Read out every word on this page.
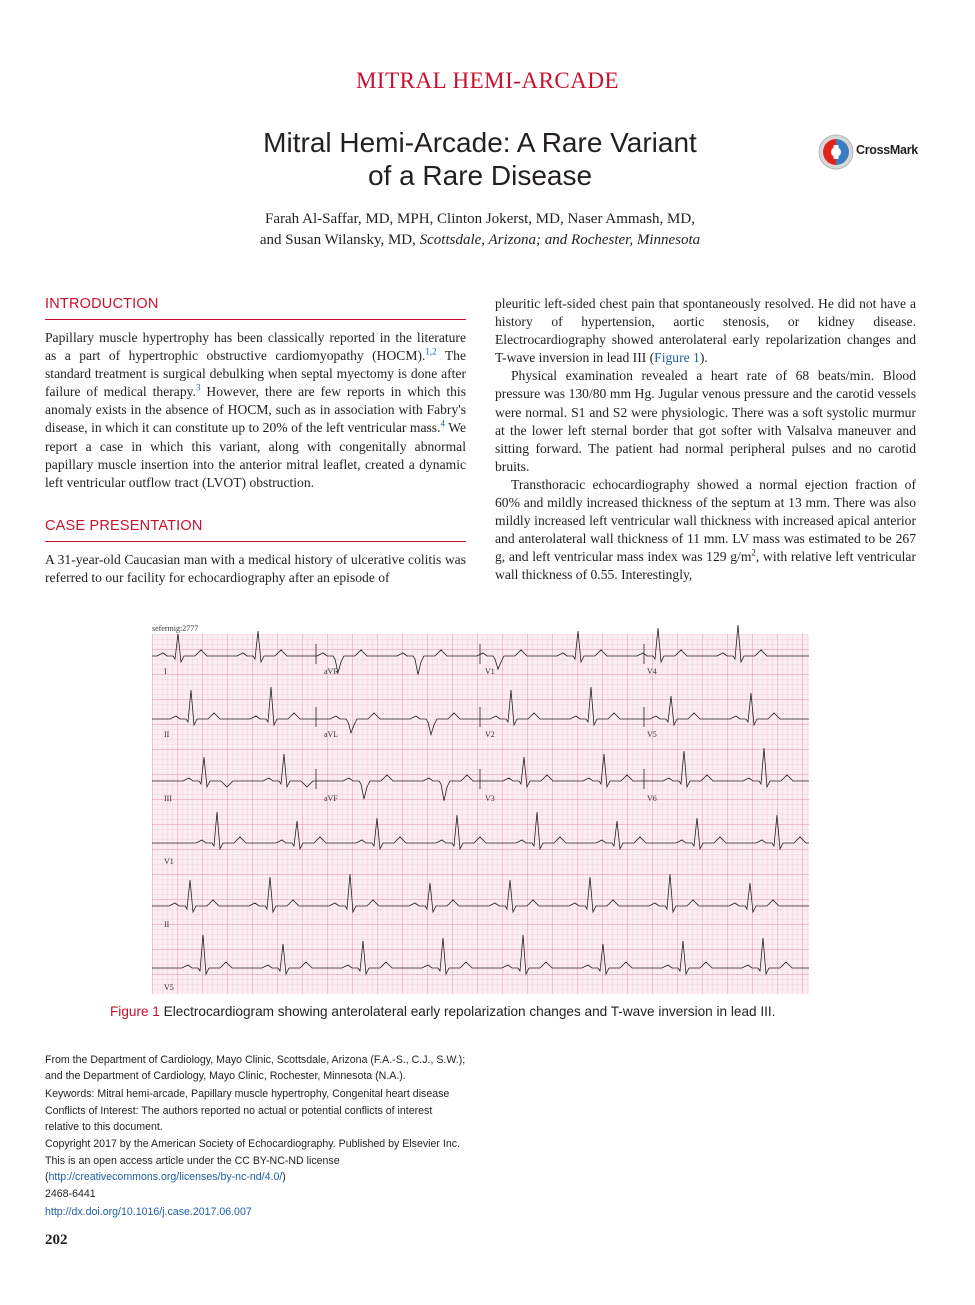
MITRAL HEMI-ARCADE
Mitral Hemi-Arcade: A Rare Variant
of a Rare Disease
CrossMark
Farah Al-Saffar, MD, MPH, Clinton Jokerst, MD, Naser Ammash, MD,
and Susan Wilansky, MD, Scottsdale, Arizona; and Rochester, Minnesota
INTRODUCTION

Papillary muscle hypertrophy has been classically reported in the literature as a part of hypertrophic obstructive cardiomyopathy (HOCM).$^{1,2}$ The standard treatment is surgical debulking when septal myectomy is done after failure of medical therapy.$^3$ However, there are few reports in which this anomaly exists in the absence of HOCM, such as in association with Fabry's disease, in which it can constitute up to 20% of the left ventricular mass.$^4$ We report a case in which this variant, along with congenitally abnormal papillary muscle insertion into the anterior mitral leaflet, created a dynamic left ventricular outflow tract (LVOT) obstruction.

CASE PRESENTATION

A 31-year-old Caucasian man with a medical history of ulcerative colitis was referred to our facility for echocardiography after an episode of

pleuritic left-sided chest pain that spontaneously resolved. He did not have a history of hypertension, aortic stenosis, or kidney disease. Electrocardiography showed anterolateral early repolarization changes and T-wave inversion in lead III (Figure 1).

Physical examination revealed a heart rate of 68 beats/min. Blood pressure was 130/80 mm Hg. Jugular venous pressure and the carotid vessels were normal. S1 and S2 were physiologic. There was a soft systolic murmur at the lower left sternal border that got softer with Valsalva maneuver and sitting forward. The patient had normal peripheral pulses and no carotid bruits.

Transthoracic echocardiography showed a normal ejection fraction of 60% and mildly increased thickness of the septum at 13 mm. There was also mildly increased left ventricular wall thickness with increased apical anterior and anterolateral wall thickness of 11 mm. LV mass was estimated to be 267 g, and left ventricular mass index was 129 $g/m^2$, with relative left ventricular wall thickness of 0.55. Interestingly,

sefermig:2777
I	aVR	V1	V4
II	aVL	V2	V5
III	aVF	V3	V6
V1
II
V5
Figure 1 Electrocardiogram showing anterolateral early repolarization changes and T-wave inversion in lead III.

From the Department of Cardiology, Mayo Clinic, Scottsdale, Arizona (F.A.-S., C.J., S.W.); and the Department of Cardiology, Mayo Clinic, Rochester, Minnesota (N.A.).

Keywords: Mitral hemi-arcade, Papillary muscle hypertrophy, Congenital heart disease

Conflicts of Interest: The authors reported no actual or potential conflicts of interest relative to this document.

Copyright 2017 by the American Society of Echocardiography. Published by Elsevier Inc. This is an open access article under the CC BY-NC-ND license (http://creativecommons.org/licenses/by-nc-nd/4.0/)

2468-6441

http://dx.doi.org/10.1016/j.case.2017.06.007

202
